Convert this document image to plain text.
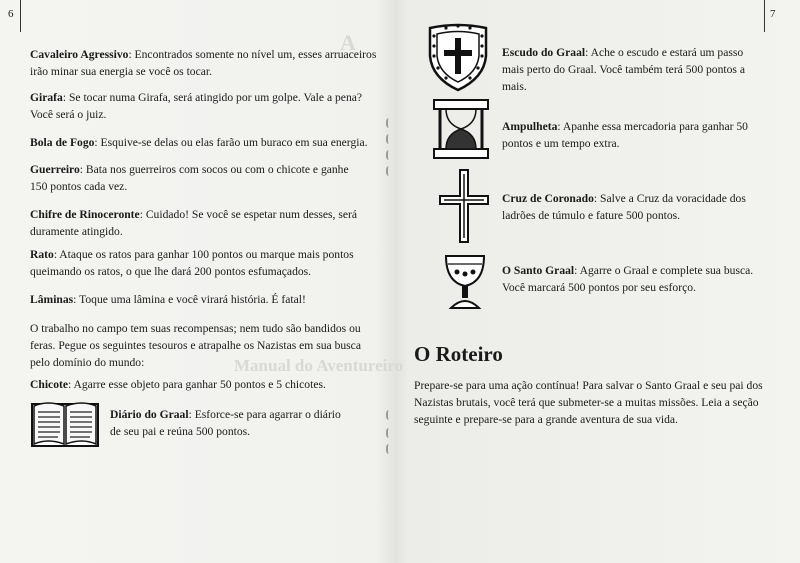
A
Manual do Aventureiro
6	7
Cavaleiro Agressivo: Encontrados somente no nível um, esses arruaceiros irão minar sua energia se você os tocar.
Girafa: Se tocar numa Girafa, será atingido por um golpe. Vale a pena? Você será o juiz.
Bola de Fogo: Esquive-se delas ou elas farão um buraco em sua energia.
Guerreiro: Bata nos guerreiros com socos ou com o chicote e ganhe 150 pontos cada vez.
Chifre de Rinoceronte: Cuidado! Se você se espetar num desses, será duramente atingido.
Rato: Ataque os ratos para ganhar 100 pontos ou marque mais pontos queimando os ratos, o que lhe dará 200 pontos esfumaçados.
Lâminas: Toque uma lâmina e você virará história. É fatal!
O trabalho no campo tem suas recompensas; nem tudo são bandidos ou feras. Pegue os seguintes tesouros e atrapalhe os Nazistas em sua busca pelo domínio do mundo:
Chicote: Agarre esse objeto para ganhar 50 pontos e 5 chicotes.
Diário do Graal: Esforce-se para agarrar o diário de seu pai e reúna 500 pontos.
Escudo do Graal: Ache o escudo e estará um passo mais perto do Graal. Você também terá 500 pontos a mais.
Ampulheta: Apanhe essa mercadoria para ganhar 50 pontos e um tempo extra.
Cruz de Coronado: Salve a Cruz da voracidade dos ladrões de túmulo e fature 500 pontos.
O Santo Graal: Agarre o Graal e complete sua busca. Você marcará 500 pontos por seu esforço.
O Roteiro
Prepare-se para uma ação contínua! Para salvar o Santo Graal e seu pai dos Nazistas brutais, você terá que submeter-se a muitas missões. Leia a seção seguinte e prepare-se para a grande aventura de sua vida.
